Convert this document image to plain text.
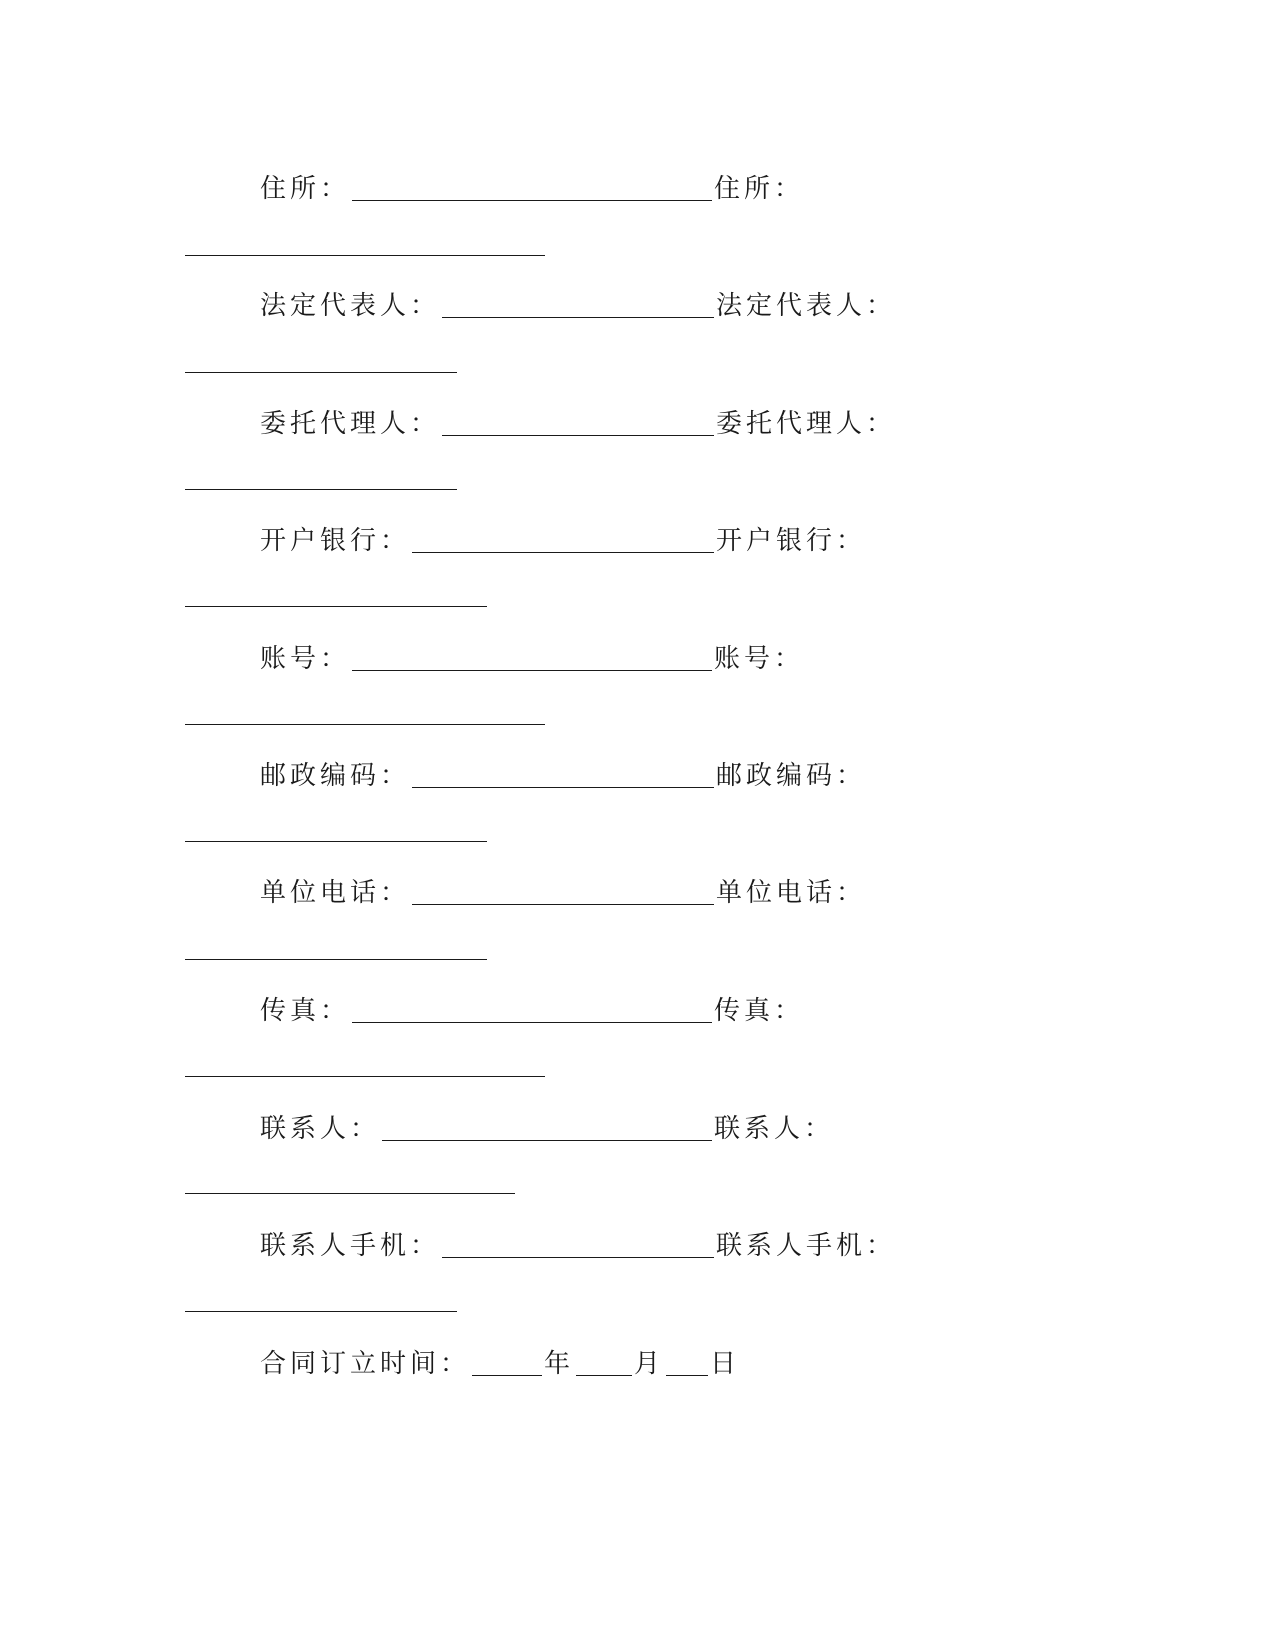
住所：	住所：
法定代表人：	法定代表人：
委托代理人：	委托代理人：
开户银行：	开户银行：
账号：	账号：
邮政编码：	邮政编码：
单位电话：	单位电话：
传真：	传真：
联系人：	联系人：
联系人手机：	联系人手机：
合同订立时间：	年 月 日
